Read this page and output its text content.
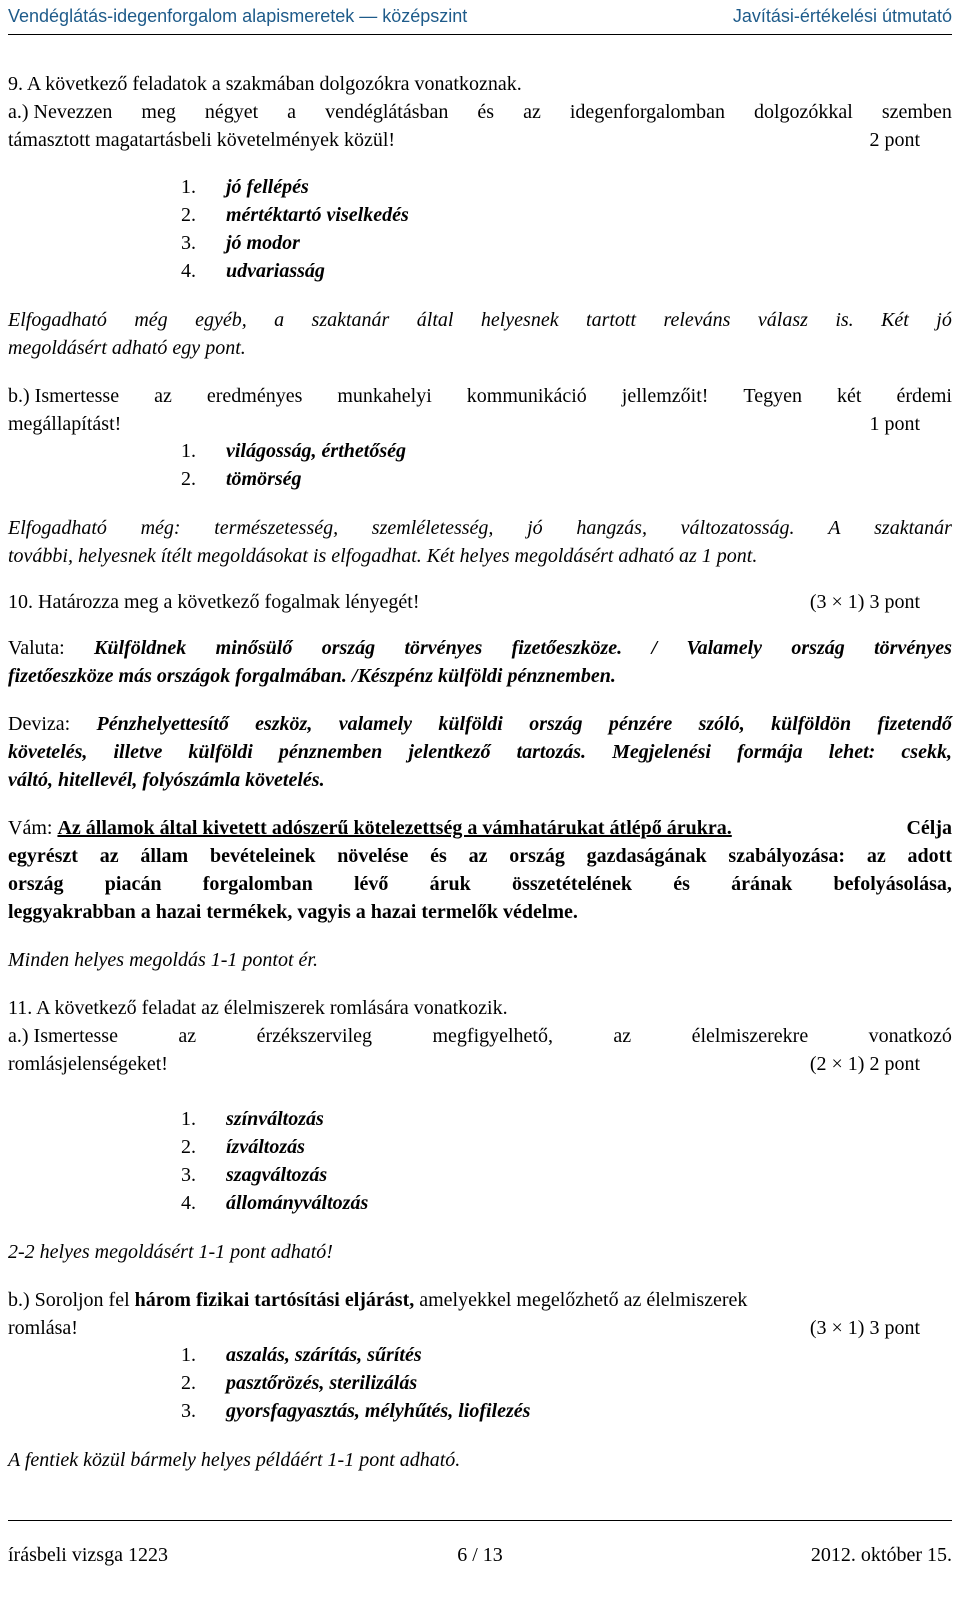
Vendéglátás-idegenforgalom alapismeretek — középszint	Javítási-értékelési útmutató
9. A következő feladatok a szakmában dolgozókra vonatkoznak.
a.) Nevezzen meg négyet a vendéglátásban és az idegenforgalomban dolgozókkal szemben
támasztott magatartásbeli követelmények közül!	2 pont
1. jó fellépés
2. mértéktartó viselkedés
3. jó modor
4. udvariasság
Elfogadható még egyéb, a szaktanár által helyesnek tartott releváns válasz is. Két jó
megoldásért adható egy pont.
b.) Ismertesse az eredményes munkahelyi kommunikáció jellemzőit! Tegyen két érdemi
megállapítást!	1 pont
1. világosság, érthetőség
2. tömörség
Elfogadható még: természetesség, szemléletesség, jó hangzás, változatosság. A szaktanár
további, helyesnek ítélt megoldásokat is elfogadhat. Két helyes megoldásért adható az 1 pont.
10. Határozza meg a következő fogalmak lényegét!	(3 × 1) 3 pont
Valuta: Külföldnek minősülő ország törvényes fizetőeszköze. / Valamely ország törvényes
fizetőeszköze más országok forgalmában. /Készpénz külföldi pénznemben.
Deviza: Pénzhelyettesítő eszköz, valamely külföldi ország pénzére szóló, külföldön fizetendő
követelés, illetve külföldi pénznemben jelentkező tartozás. Megjelenési formája lehet: csekk,
váltó, hitellevél, folyószámla követelés.
Vám: Az államok által kivetett adószerű kötelezettség a vámhatárukat átlépő árukra.	Célja
egyrészt az állam bevételeinek növelése és az ország gazdaságának szabályozása: az adott
ország piacán forgalomban lévő áruk összetételének és árának befolyásolása,
leggyakrabban a hazai termékek, vagyis a hazai termelők védelme.
Minden helyes megoldás 1-1 pontot ér.
11. A következő feladat az élelmiszerek romlására vonatkozik.
a.) Ismertesse	az	érzékszervileg	megfigyelhető,	az	élelmiszerekre	vonatkozó
romlásjelenségeket!	(2 × 1) 2 pont
1. színváltozás
2. ízváltozás
3. szagváltozás
4. állományváltozás
2-2 helyes megoldásért 1-1 pont adható!
b.) Soroljon fel három fizikai tartósítási eljárást, amelyekkel megelőzhető az élelmiszerek
romlása!	(3 × 1) 3 pont
1. aszalás, szárítás, sűrítés
2. pasztőrözés, sterilizálás
3. gyorsfagyasztás, mélyhűtés, liofilezés
A fentiek közül bármely helyes példáért 1-1 pont adható.
írásbeli vizsga 1223	6 / 13	2012. október 15.
